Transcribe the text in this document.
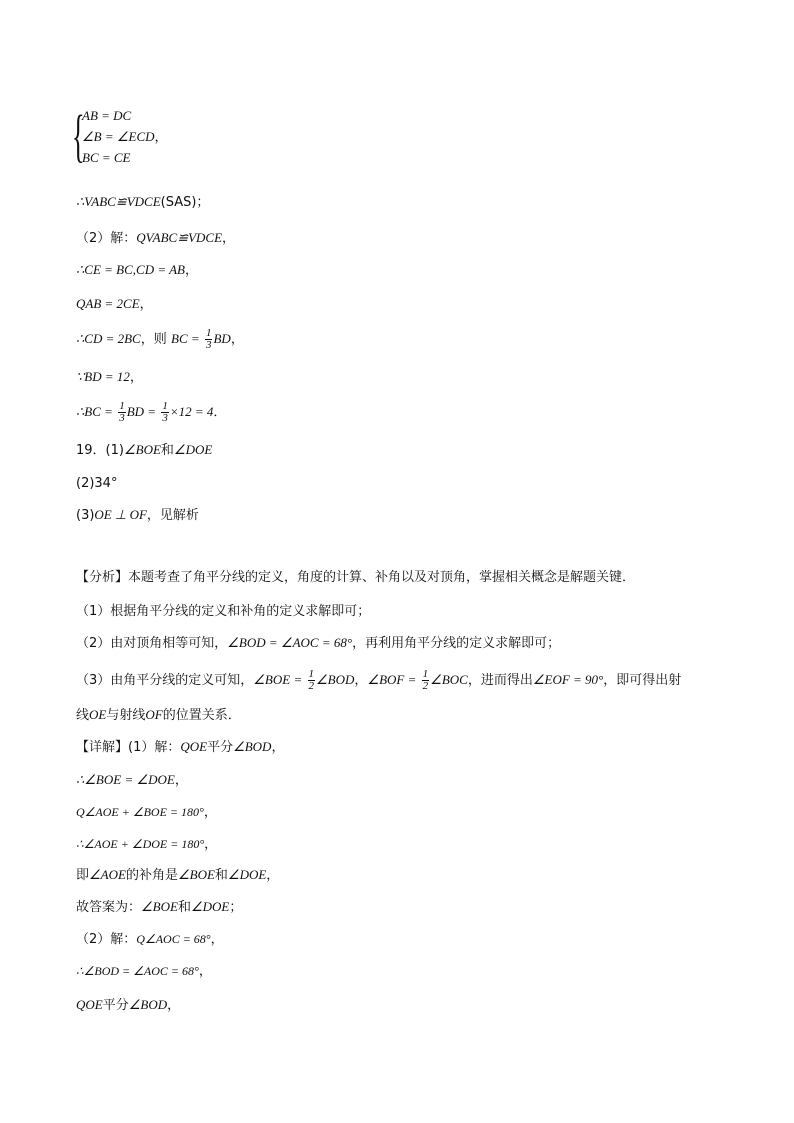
{
AB = DC
∠B = ∠ECD，
BC = CE
∴VABC≌VDCE(SAS)；
（2）解：QVABC≌VDCE，
∴CE = BC,CD = AB，
QAB = 2CE，
∴CD = 2BC，则 BC = $\frac{1}{3}$ BD，
∵BD = 12，
∴BC = $\frac{1}{3}$ BD = $\frac{1}{3} \times 12 = 4$．
19．(1)∠BOE和∠DOE
(2)34°
(3)OE ⊥ OF，见解析
【分析】本题考查了角平分线的定义，角度的计算、补角以及对顶角，掌握相关概念是解题关键．
（1）根据角平分线的定义和补角的定义求解即可；
（2）由对顶角相等可知，∠BOD = ∠AOC = 68°，再利用角平分线的定义求解即可；
（3）由角平分线的定义可知，∠BOE = $\frac{1}{2}$ ∠BOD，∠BOF = $\frac{1}{2}$ ∠BOC，进而得出∠EOF = 90°，即可得出射
线OE与射线OF的位置关系．
【详解】(1）解：QOE平分∠BOD，
∴∠BOE = ∠DOE，
Q∠AOE + ∠BOE = 180°，
∴∠AOE + ∠DOE = 180°，
即∠AOE的补角是∠BOE和∠DOE，
故答案为：∠BOE和∠DOE；
（2）解：Q∠AOC = 68°，
∴∠BOD = ∠AOC = 68°，
QOE平分∠BOD，
